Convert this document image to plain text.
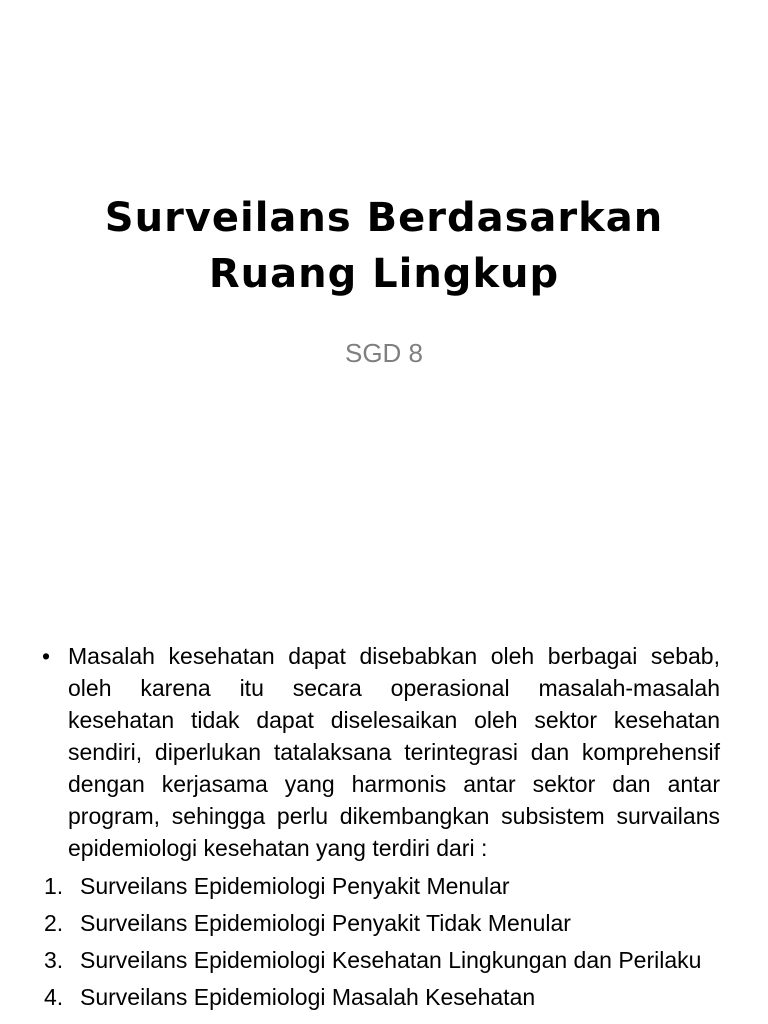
Surveilans Berdasarkan
Ruang Lingkup
SGD 8
• Masalah kesehatan dapat disebabkan oleh berbagai sebab, oleh karena itu secara operasional masalah-masalah kesehatan tidak dapat diselesaikan oleh sektor kesehatan sendiri, diperlukan tatalaksana terintegrasi dan komprehensif dengan kerjasama yang harmonis antar sektor dan antar program, sehingga perlu dikembangkan subsistem survailans epidemiologi kesehatan yang terdiri dari :
1. Surveilans Epidemiologi Penyakit Menular
2. Surveilans Epidemiologi Penyakit Tidak Menular
3. Surveilans Epidemiologi Kesehatan Lingkungan dan Perilaku
4. Surveilans Epidemiologi Masalah Kesehatan
